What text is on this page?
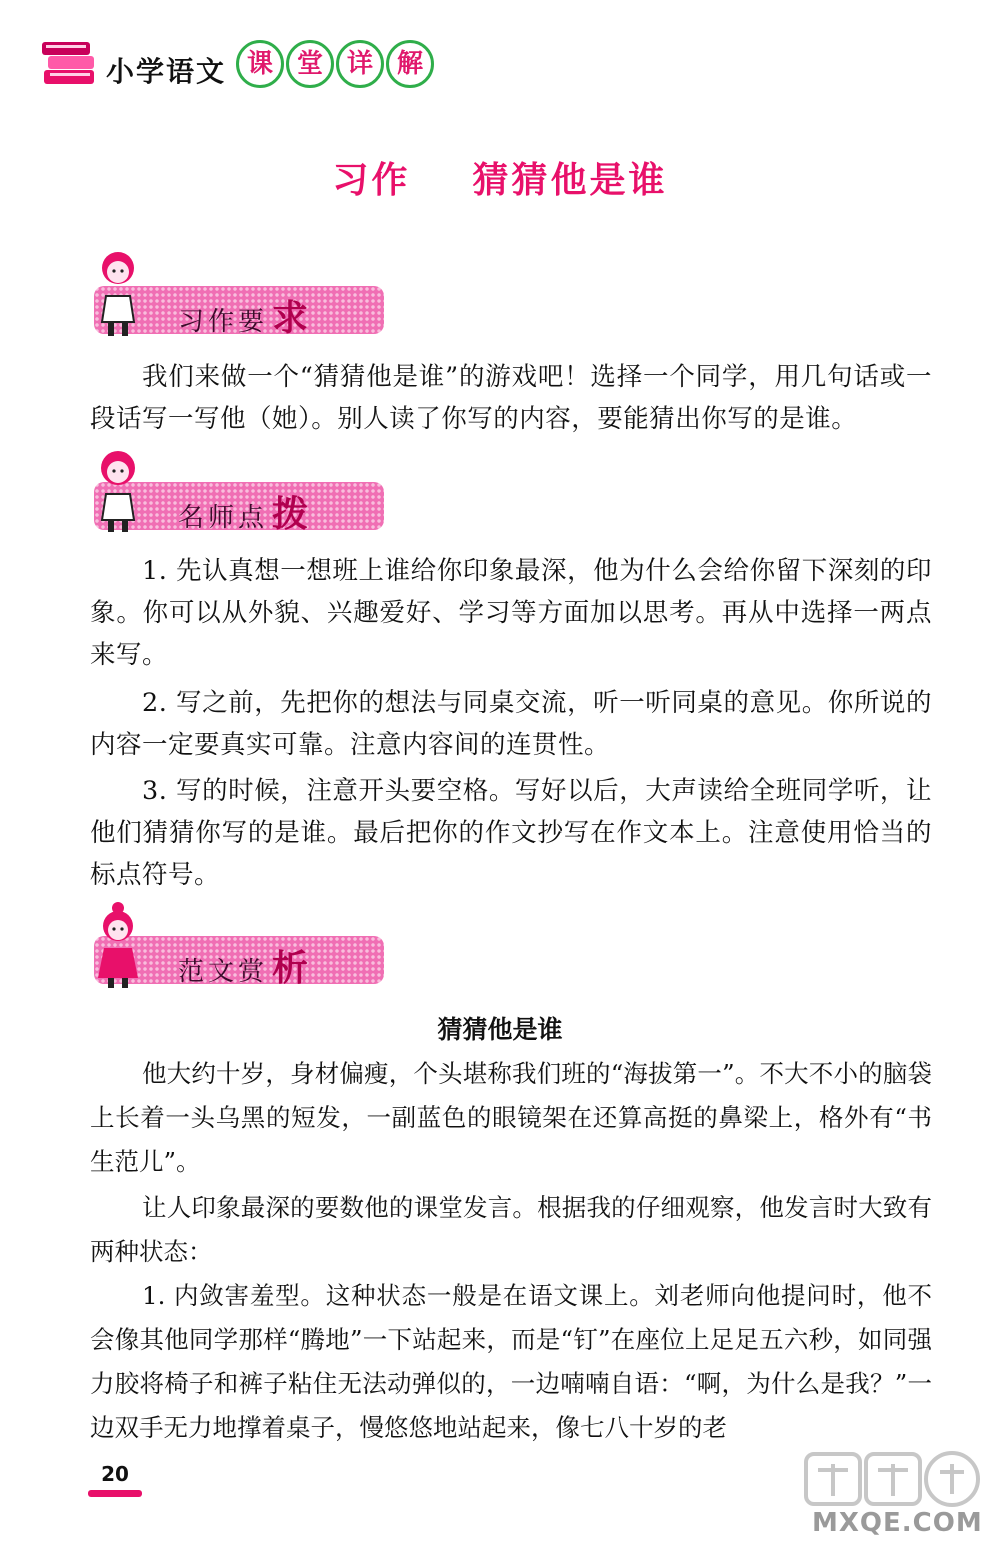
小学语文 课 堂 详 解
习作    猜猜他是谁
习作要 求

我们来做一个“猜猜他是谁”的游戏吧！选择一个同学，用几句话或一段话写一写他（她）。别人读了你写的内容，要能猜出你写的是谁。

名师点 拨

1. 先认真想一想班上谁给你印象最深，他为什么会给你留下深刻的印象。你可以从外貌、兴趣爱好、学习等方面加以思考。再从中选择一两点来写。

2. 写之前，先把你的想法与同桌交流，听一听同桌的意见。你所说的内容一定要真实可靠。注意内容间的连贯性。

3. 写的时候，注意开头要空格。写好以后，大声读给全班同学听，让他们猜猜你写的是谁。最后把你的作文抄写在作文本上。注意使用恰当的标点符号。

范文赏 析
猜猜他是谁

他大约十岁，身材偏瘦，个头堪称我们班的“海拔第一”。不大不小的脑袋上长着一头乌黑的短发，一副蓝色的眼镜架在还算高挺的鼻梁上，格外有“书生范儿”。

让人印象最深的要数他的课堂发言。根据我的仔细观察，他发言时大致有两种状态：

1. 内敛害羞型。这种状态一般是在语文课上。刘老师向他提问时，他不会像其他同学那样“腾地”一下站起来，而是“钉”在座位上足足五六秒，如同强力胶将椅子和裤子粘住无法动弹似的，一边喃喃自语：“啊，为什么是我？”一边双手无力地撑着桌子，慢悠悠地站起来，像七八十岁的老

20
MXQE.COM
